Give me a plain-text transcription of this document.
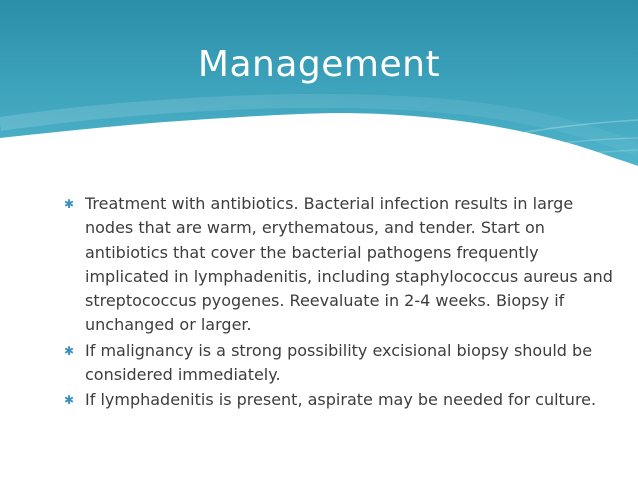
Management
✱ Treatment with antibiotics. Bacterial infection results in large nodes that are warm, erythematous, and tender. Start on antibiotics that cover the bacterial pathogens frequently implicated in lymphadenitis, including staphylococcus aureus and streptococcus pyogenes. Reevaluate in 2-4 weeks. Biopsy if unchanged or larger.
✱ If malignancy is a strong possibility excisional biopsy should be considered immediately.
✱ If lymphadenitis is present, aspirate may be needed for culture.
